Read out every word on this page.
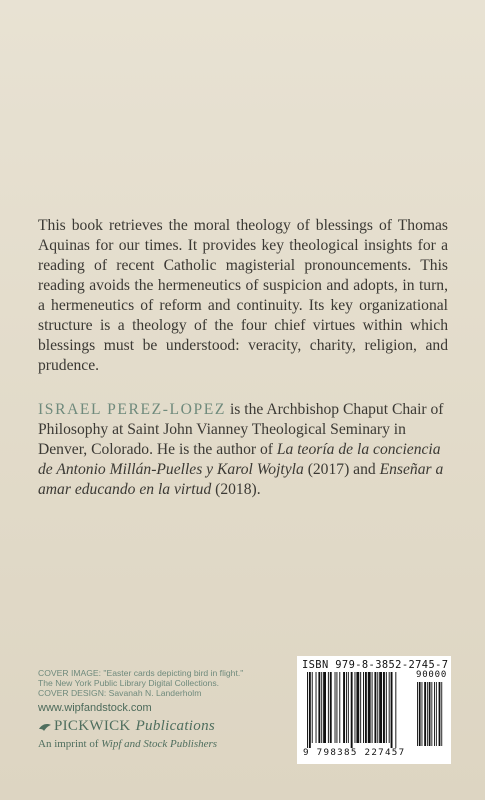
This book retrieves the moral theology of blessings of Thomas Aquinas for our times. It provides key theological insights for a reading of recent Catholic magisterial pronouncements. This reading avoids the hermeneutics of suspicion and adopts, in turn, a hermeneutics of reform and continuity. Its key organizational structure is a theology of the four chief virtues within which blessings must be understood: veracity, charity, religion, and prudence.

ISRAEL PEREZ-LOPEZ is the Archbishop Chaput Chair of Philosophy at Saint John Vianney Theological Seminary in Denver, Colorado. He is the author of La teoría de la conciencia de Antonio Millán-Puelles y Karol Wojtyla (2017) and Enseñar a amar educando en la virtud (2018).

COVER IMAGE: "Easter cards depicting bird in flight."
The New York Public Library Digital Collections.
COVER DESIGN: Savanah N. Landerholm
www.wipfandstock.com
PICKWICK Publications
An imprint of Wipf and Stock Publishers
ISBN 979-8-3852-2745-7
90000
9 798385 227457
